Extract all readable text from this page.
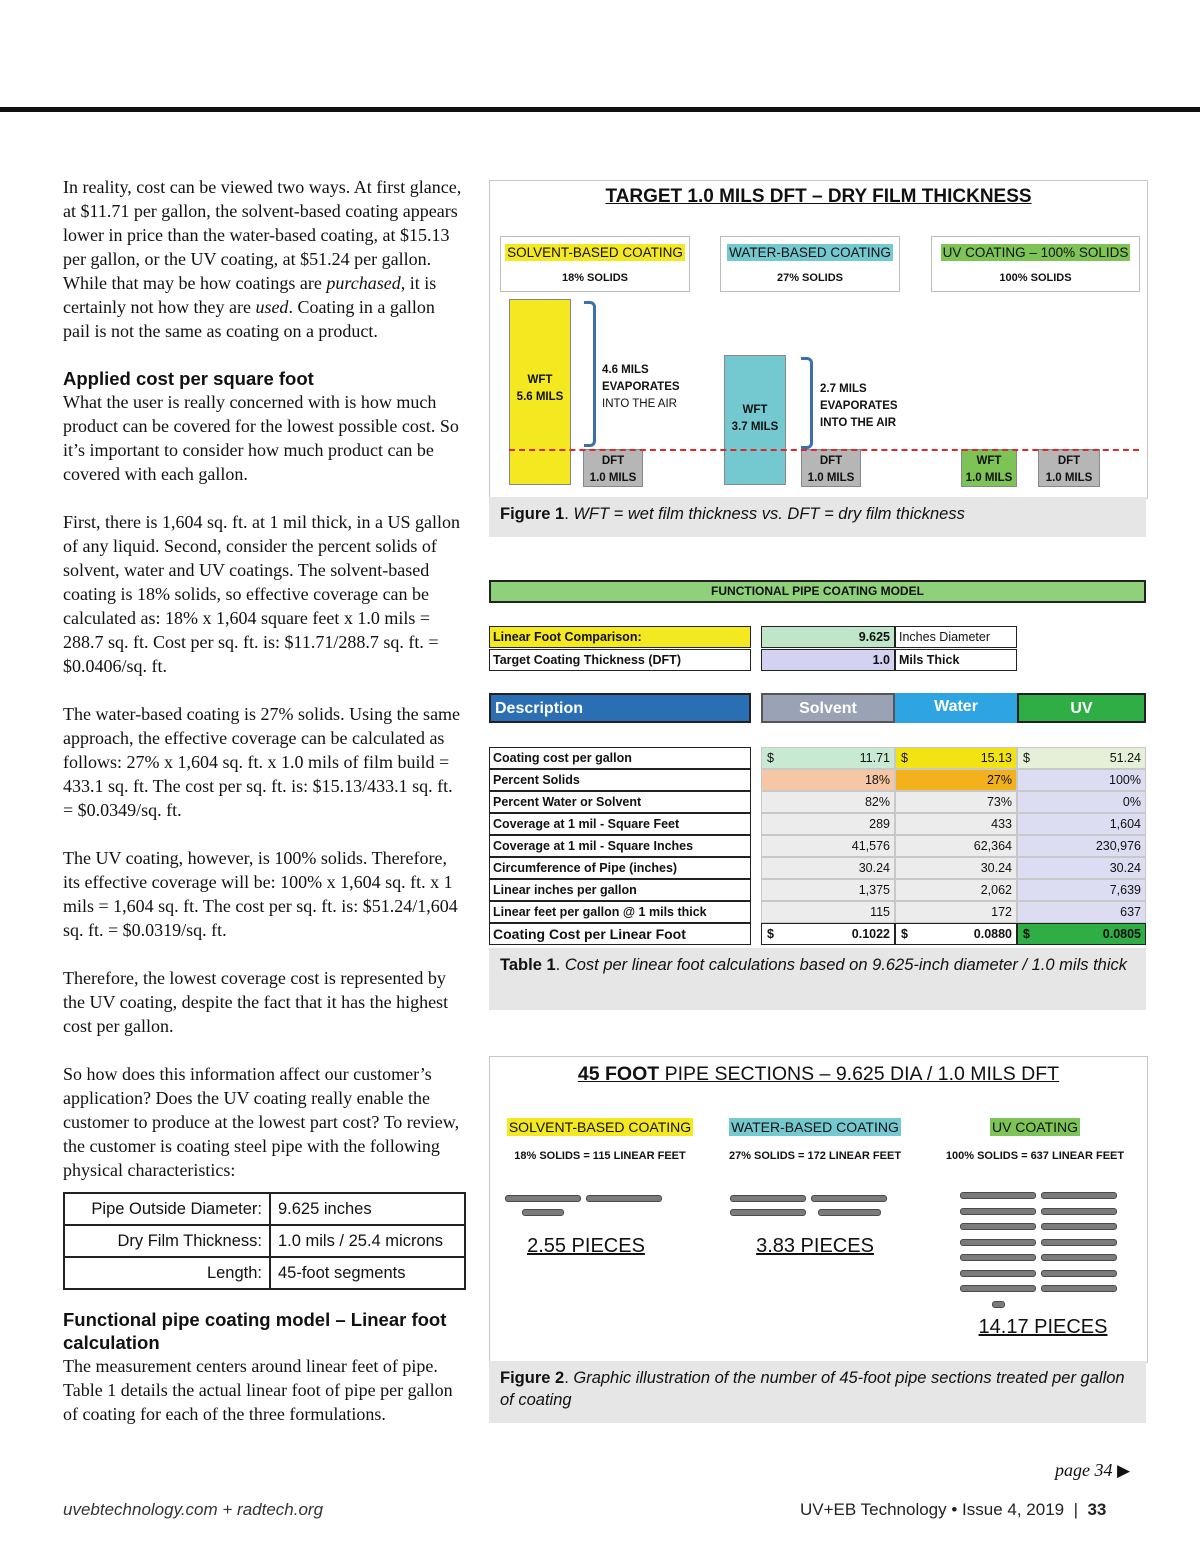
In reality, cost can be viewed two ways. At first glance, at $11.71 per gallon, the solvent-based coating appears lower in price than the water-based coating, at $15.13 per gallon, or the UV coating, at $51.24 per gallon. While that may be how coatings are purchased, it is certainly not how they are used. Coating in a gallon pail is not the same as coating on a product.

Applied cost per square foot

What the user is really concerned with is how much product can be covered for the lowest possible cost. So it’s important to consider how much product can be covered with each gallon.

First, there is 1,604 sq. ft. at 1 mil thick, in a US gallon of any liquid. Second, consider the percent solids of solvent, water and UV coatings. The solvent-based coating is 18% solids, so effective coverage can be calculated as: 18% x 1,604 square feet x 1.0 mils = 288.7 sq. ft. Cost per sq. ft. is: $11.71/288.7 sq. ft. = $0.0406/sq. ft.

The water-based coating is 27% solids. Using the same approach, the effective coverage can be calculated as follows: 27% x 1,604 sq. ft. x 1.0 mils of film build = 433.1 sq. ft. The cost per sq. ft. is: $15.13/433.1 sq. ft. = $0.0349/sq. ft.

The UV coating, however, is 100% solids. Therefore, its effective coverage will be: 100% x 1,604 sq. ft. x 1 mils = 1,604 sq. ft. The cost per sq. ft. is: $51.24/1,604 sq. ft. = $0.0319/sq. ft.

Therefore, the lowest coverage cost is represented by the UV coating, despite the fact that it has the highest cost per gallon.

So how does this information affect our customer’s application? Does the UV coating really enable the customer to produce at the lowest part cost? To review, the customer is coating steel pipe with the following physical characteristics:

Pipe Outside Diameter:	9.625 inches
Dry Film Thickness:	1.0 mils / 25.4 microns
Length:	45-foot segments
Functional pipe coating model – Linear foot calculation

The measurement centers around linear feet of pipe. Table 1 details the actual linear foot of pipe per gallon of coating for each of the three formulations.

TARGET 1.0 MILS DFT – DRY FILM THICKNESS
SOLVENT-BASED COATING
18% SOLIDS
WATER-BASED COATING
27% SOLIDS
UV COATING – 100% SOLIDS
100% SOLIDS
WFT
5.6 MILS
4.6 MILS
EVAPORATES
INTO THE AIR
DFT
1.0 MILS
WFT
3.7 MILS
2.7 MILS
EVAPORATES
INTO THE AIR
DFT
1.0 MILS
WFT
1.0 MILS
DFT
1.0 MILS
Figure 1. WFT = wet film thickness vs. DFT = dry film thickness
FUNCTIONAL PIPE COATING MODEL
Linear Foot Comparison:	9.625 Inches Diameter
Target Coating Thickness (DFT)	1.0 Mils Thick
Description	Solvent	Water	UV
Coating cost per gallon	$	11.71 $	15.13 $	51.24
Percent Solids	18%	27%	100%
Percent Water or Solvent	82%	73%	0%
Coverage at 1 mil - Square Feet	289	433	1,604
Coverage at 1 mil - Square Inches	41,576	62,364	230,976
Circumference of Pipe (inches)	30.24	30.24	30.24
Linear inches per gallon	1,375	2,062	7,639
Linear feet per gallon @ 1 mils thick	115	172	637
Coating Cost per Linear Foot	$	0.1022 $	0.0880 $	0.0805
Table 1. Cost per linear foot calculations based on 9.625-inch diameter / 1.0 mils thick
45 FOOT PIPE SECTIONS – 9.625 DIA / 1.0 MILS DFT
SOLVENT-BASED COATING
18% SOLIDS = 115 LINEAR FEET
WATER-BASED COATING
27% SOLIDS = 172 LINEAR FEET
UV COATING
100% SOLIDS = 637 LINEAR FEET
2.55 PIECES	3.83 PIECES
14.17 PIECES
Figure 2. Graphic illustration of the number of 45-foot pipe sections treated per gallon of coating
page 34 ▶
uvebtechnology.com + radtech.org	UV+EB Technology • Issue 4, 2019  |  33
